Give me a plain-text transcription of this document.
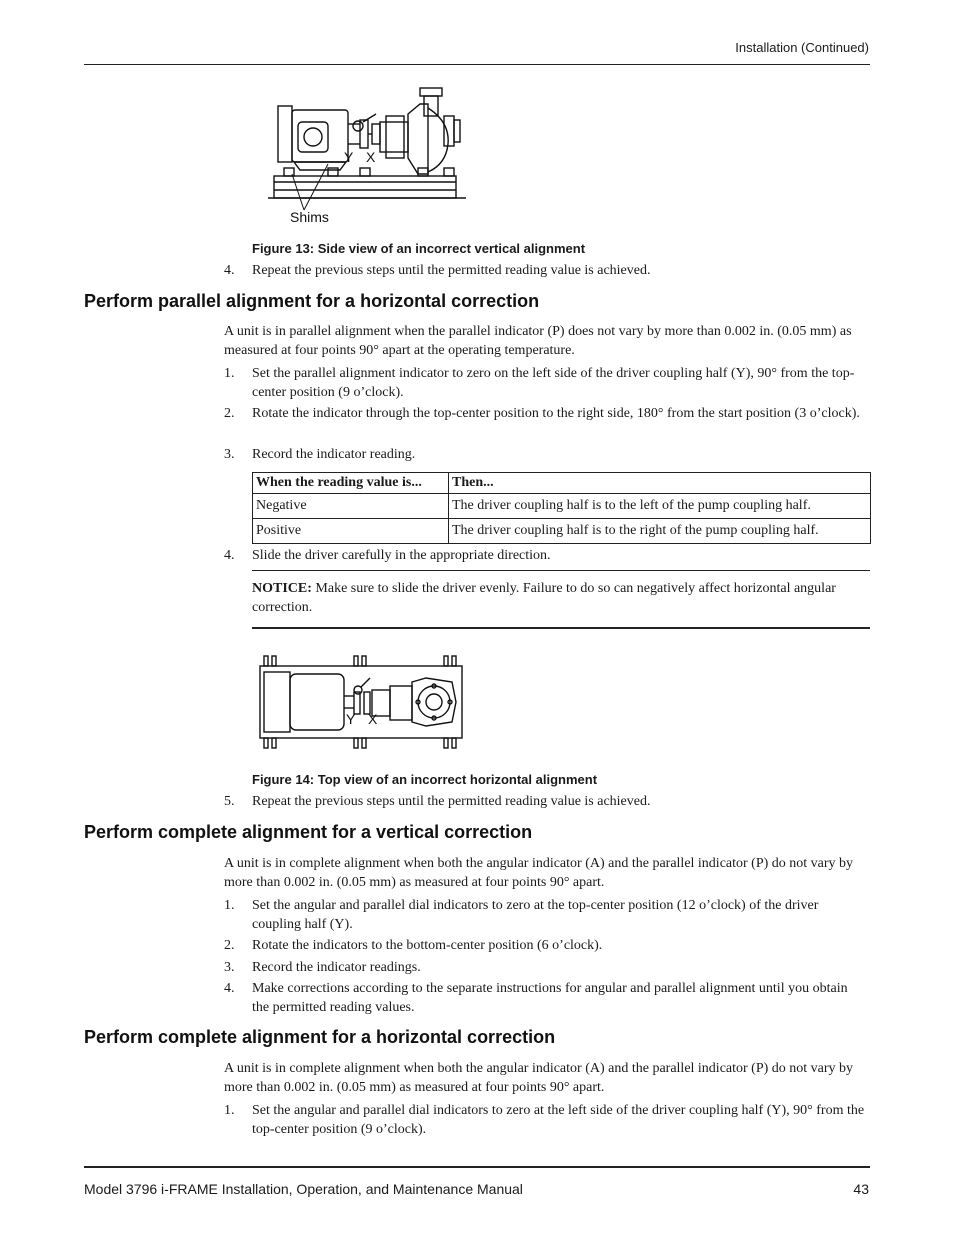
Installation (Continued)
Y X
Shims
Figure 13: Side view of an incorrect vertical alignment
4.	Repeat the previous steps until the permitted reading value is achieved.
Perform parallel alignment for a horizontal correction
A unit is in parallel alignment when the parallel indicator (P) does not vary by more than 0.002 in. (0.05 mm) as measured at four points 90° apart at the operating temperature.
1.	Set the parallel alignment indicator to zero on the left side of the driver coupling half (Y), 90° from the top-center position (9 o’clock).
2.	Rotate the indicator through the top-center position to the right side, 180° from the start position (3 o’clock).
3.	Record the indicator reading.
When the reading value is...	Then...
Negative	The driver coupling half is to the left of the pump coupling half.
Positive	The driver coupling half is to the right of the pump coupling half.
4.	Slide the driver carefully in the appropriate direction.
NOTICE: Make sure to slide the driver evenly. Failure to do so can negatively affect horizontal angular correction.
Y X
Figure 14: Top view of an incorrect horizontal alignment
5.	Repeat the previous steps until the permitted reading value is achieved.
Perform complete alignment for a vertical correction
A unit is in complete alignment when both the angular indicator (A) and the parallel indicator (P) do not vary by more than 0.002 in. (0.05 mm) as measured at four points 90° apart.
1.	Set the angular and parallel dial indicators to zero at the top-center position (12 o’clock) of the driver coupling half (Y).
2.	Rotate the indicators to the bottom-center position (6 o’clock).
3.	Record the indicator readings.
4.	Make corrections according to the separate instructions for angular and parallel alignment until you obtain the permitted reading values.
Perform complete alignment for a horizontal correction
A unit is in complete alignment when both the angular indicator (A) and the parallel indicator (P) do not vary by more than 0.002 in. (0.05 mm) as measured at four points 90° apart.
1.	Set the angular and parallel dial indicators to zero at the left side of the driver coupling half (Y), 90° from the top-center position (9 o’clock).
Model 3796 i-FRAME Installation, Operation, and Maintenance Manual	43
